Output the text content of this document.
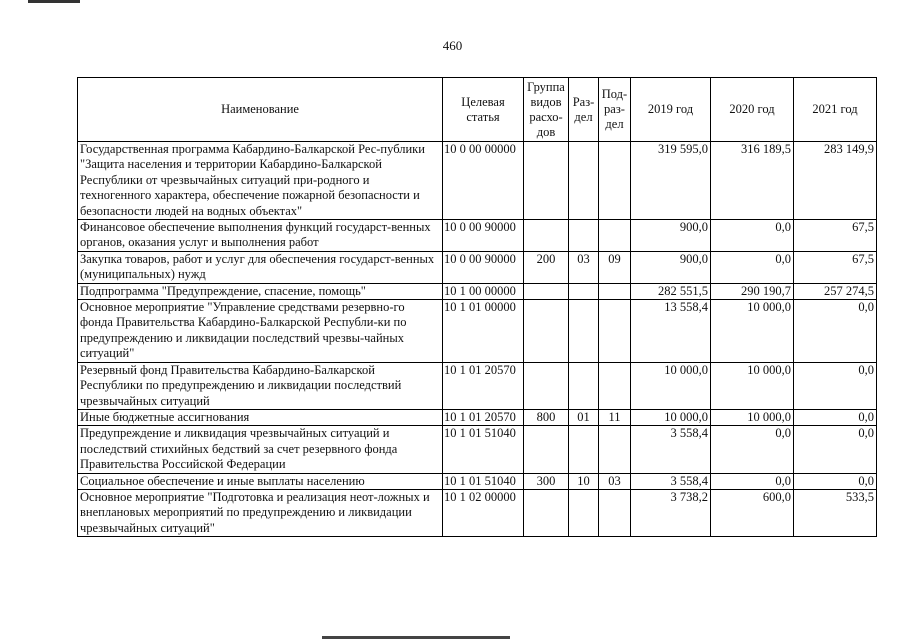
460
Наименование	Целевая статья	Группа видов расхо-дов	Раз-дел	Под-раз-дел	2019 год	2020 год	2021 год
Государственная программа Кабардино-Балкарской Рес-публики "Защита населения и территории Кабардино-Балкарской Республики от чрезвычайных ситуаций при-родного и техногенного характера, обеспечение пожарной безопасности и безопасности людей на водных объектах"	10 0 00 00000				319 595,0	316 189,5	283 149,9
Финансовое обеспечение выполнения функций государст-венных органов, оказания услуг и выполнения работ	10 0 00 90000				900,0	0,0	67,5
Закупка товаров, работ и услуг для обеспечения государст-венных (муниципальных) нужд	10 0 00 90000	200	03	09	900,0	0,0	67,5
Подпрограмма "Предупреждение, спасение, помощь"	10 1 00 00000				282 551,5	290 190,7	257 274,5
Основное мероприятие "Управление средствами резервно-го фонда Правительства Кабардино-Балкарской Республи-ки по предупреждению и ликвидации последствий чрезвы-чайных ситуаций"	10 1 01 00000				13 558,4	10 000,0	0,0
Резервный фонд Правительства Кабардино-Балкарской Республики по предупреждению и ликвидации последствий чрезвычайных ситуаций	10 1 01 20570				10 000,0	10 000,0	0,0
Иные бюджетные ассигнования	10 1 01 20570	800	01	11	10 000,0	10 000,0	0,0
Предупреждение и ликвидация чрезвычайных ситуаций и последствий стихийных бедствий за счет резервного фонда Правительства Российской Федерации	10 1 01 51040				3 558,4	0,0	0,0
Социальное обеспечение и иные выплаты населению	10 1 01 51040	300	10	03	3 558,4	0,0	0,0
Основное мероприятие "Подготовка и реализация неот-ложных и внеплановых мероприятий по предупреждению и ликвидации чрезвычайных ситуаций"	10 1 02 00000				3 738,2	600,0	533,5
